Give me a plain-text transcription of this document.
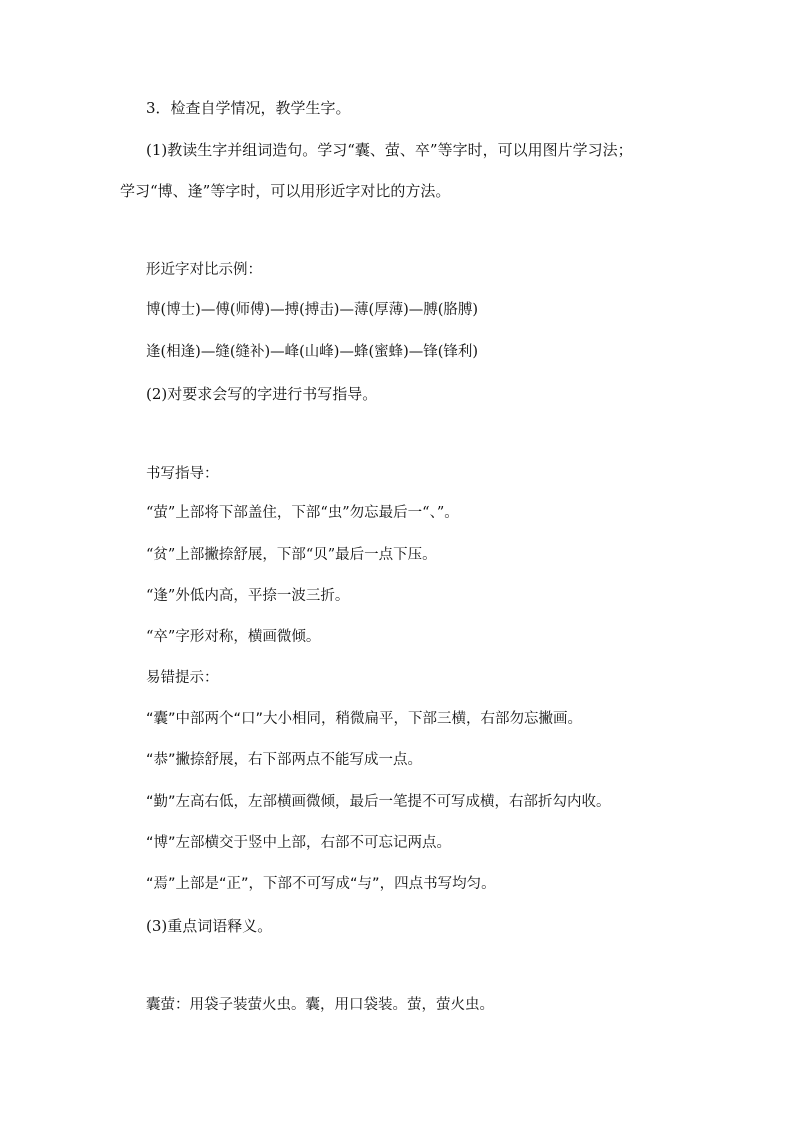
3．检查自学情况，教学生字。
(1)教读生字并组词造句。学习“囊、萤、卒”等字时，可以用图片学习法；
学习“博、逢”等字时，可以用形近字对比的方法。
形近字对比示例：
博(博士)—傅(师傅)—搏(搏击)—薄(厚薄)—膊(胳膊)
逢(相逢)—缝(缝补)—峰(山峰)—蜂(蜜蜂)—锋(锋利)
(2)对要求会写的字进行书写指导。
书写指导：
“萤”上部将下部盖住，下部“虫”勿忘最后一“、”。
“贫”上部撇捺舒展，下部“贝”最后一点下压。
“逢”外低内高，平捺一波三折。
“卒”字形对称，横画微倾。
易错提示：
“囊”中部两个“口”大小相同，稍微扁平，下部三横，右部勿忘撇画。
“恭”撇捺舒展，右下部两点不能写成一点。
“勤”左高右低，左部横画微倾，最后一笔提不可写成横，右部折勾内收。
“博”左部横交于竖中上部，右部不可忘记两点。
“焉”上部是“正”，下部不可写成“与”，四点书写均匀。
(3)重点词语释义。
囊萤：用袋子装萤火虫。囊，用口袋装。萤，萤火虫。
